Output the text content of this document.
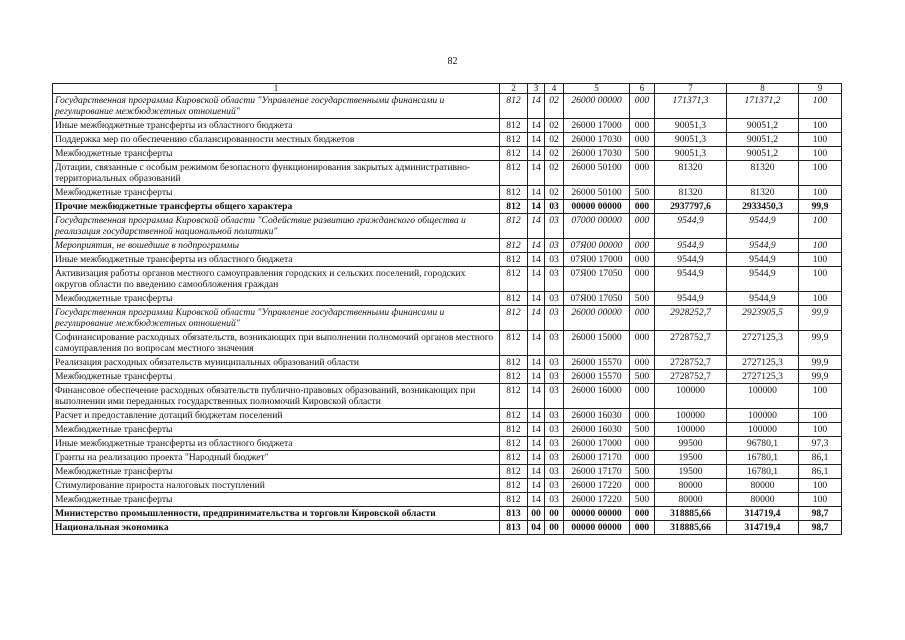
82
1	2	3	4	5	6	7	8	9
Государственная программа Кировской области "Управление государственными финансами и регулирование межбюджетных отношений"	812	14	02	26000 00000	000	171371,3	171371,2	100
Иные межбюджетные трансферты из областного бюджета	812	14	02	26000 17000	000	90051,3	90051,2	100
Поддержка мер по обеспечению сбалансированности местных бюджетов	812	14	02	26000 17030	000	90051,3	90051,2	100
Межбюджетные трансферты	812	14	02	26000 17030	500	90051,3	90051,2	100
Дотации, связанные с особым режимом безопасного функционирования закрытых административно-территориальных образований	812	14	02	26000 50100	000	81320	81320	100
Межбюджетные трансферты	812	14	02	26000 50100	500	81320	81320	100
Прочие межбюджетные трансферты общего характера	812	14	03	00000 00000	000	2937797,6	2933450,3	99,9
Государственная программа Кировской области "Содействие развитию гражданского общества и реализация государственной национальной политики"	812	14	03	07000 00000	000	9544,9	9544,9	100
Мероприятия, не вошедшие в подпрограммы	812	14	03	07Я00 00000	000	9544,9	9544,9	100
Иные межбюджетные трансферты из областного бюджета	812	14	03	07Я00 17000	000	9544,9	9544,9	100
Активизация работы органов местного самоуправления городских и сельских поселений, городских округов области по введению самообложения граждан	812	14	03	07Я00 17050	000	9544,9	9544,9	100
Межбюджетные трансферты	812	14	03	07Я00 17050	500	9544,9	9544,9	100
Государственная программа Кировской области "Управление государственными финансами и регулирование межбюджетных отношений"	812	14	03	26000 00000	000	2928252,7	2923905,5	99,9
Софинансирование расходных обязательств, возникающих при выполнении полномочий органов местного самоуправления по вопросам местного значения	812	14	03	26000 15000	000	2728752,7	2727125,3	99,9
Реализация расходных обязательств муниципальных образований области	812	14	03	26000 15570	000	2728752,7	2727125,3	99,9
Межбюджетные трансферты	812	14	03	26000 15570	500	2728752,7	2727125,3	99,9
Финансовое обеспечение расходных обязательств публично-правовых образований, возникающих при выполнении ими переданных государственных полномочий Кировской области	812	14	03	26000 16000	000	100000	100000	100
Расчет и предоставление дотаций бюджетам поселений	812	14	03	26000 16030	000	100000	100000	100
Межбюджетные трансферты	812	14	03	26000 16030	500	100000	100000	100
Иные межбюджетные трансферты из областного бюджета	812	14	03	26000 17000	000	99500	96780,1	97,3
Гранты на реализацию проекта "Народный бюджет"	812	14	03	26000 17170	000	19500	16780,1	86,1
Межбюджетные трансферты	812	14	03	26000 17170	500	19500	16780,1	86,1
Стимулирование прироста налоговых поступлений	812	14	03	26000 17220	000	80000	80000	100
Межбюджетные трансферты	812	14	03	26000 17220	500	80000	80000	100
Министерство промышленности, предпринимательства и торговли Кировской области	813	00	00	00000 00000	000	318885,66	314719,4	98,7
Национальная экономика	813	04	00	00000 00000	000	318885,66	314719,4	98,7
